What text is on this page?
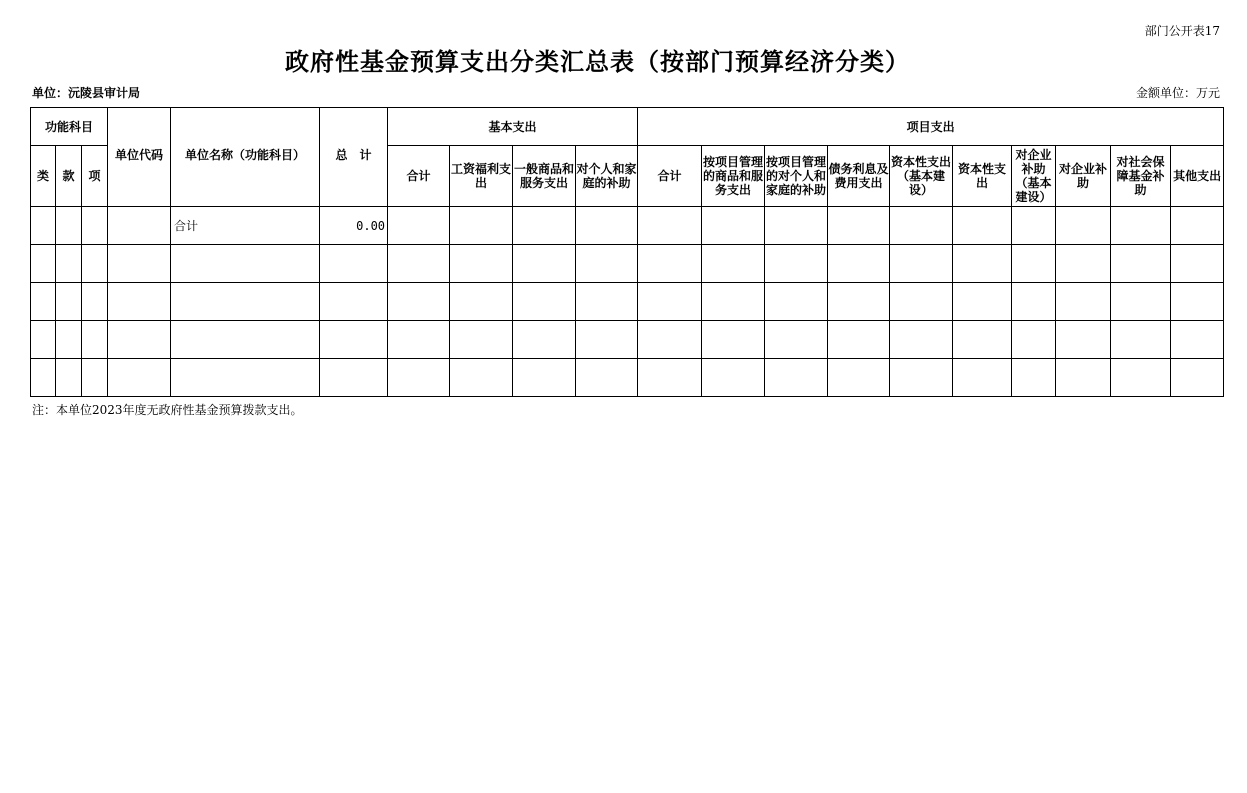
部门公开表17
政府性基金预算支出分类汇总表（按部门预算经济分类）
单位：沅陵县审计局	金额单位：万元
功能科目			单位代码	单位名称（功能科目）	总　计	基本支出				项目支出									
类	款	项				合计	工资福利支出	一般商品和服务支出	对个人和家庭的补助	合计	按项目管理的商品和服务支出	按项目管理的对个人和家庭的补助	债务利息及费用支出	资本性支出（基本建设）	资本性支出	对企业补助（基本建设）	对企业补助	对社会保障基金补助	其他支出
				合计	0.00														

注：本单位2023年度无政府性基金预算拨款支出。
